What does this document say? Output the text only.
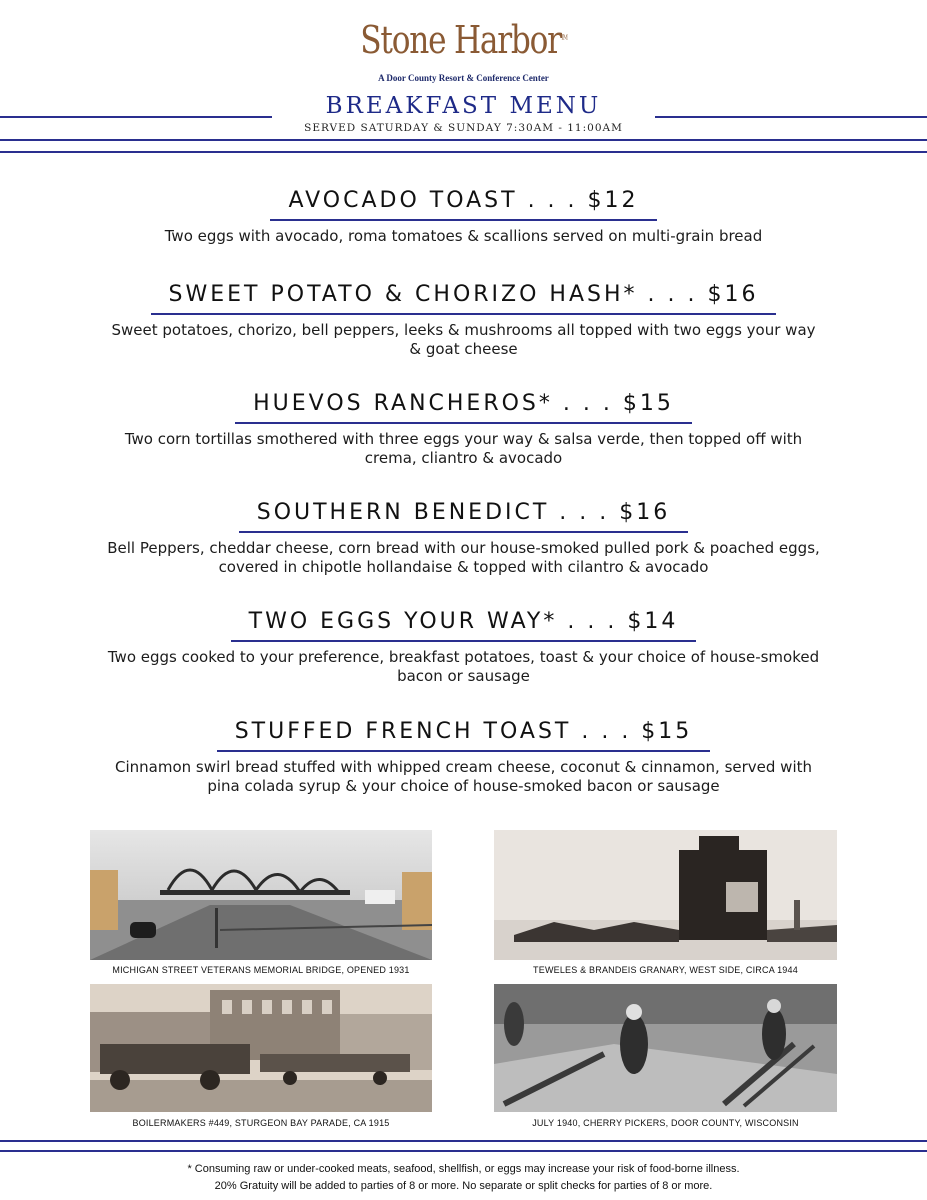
Stone Harbor™
A Door County Resort & Conference Center
BREAKFAST MENU
SERVED SATURDAY & SUNDAY 7:30AM - 11:00AM
AVOCADO TOAST . . . $12
Two eggs with avocado, roma tomatoes & scallions served on multi-grain bread
SWEET POTATO & CHORIZO HASH* . . . $16
Sweet potatoes, chorizo, bell peppers, leeks & mushrooms all topped with two eggs your way & goat cheese
HUEVOS RANCHEROS* . . . $15
Two corn tortillas smothered with three eggs your way & salsa verde, then topped off with crema, cliantro & avocado
SOUTHERN BENEDICT . . . $16
Bell Peppers, cheddar cheese, corn bread with our house-smoked pulled pork & poached eggs, covered in chipotle hollandaise & topped with cilantro & avocado
TWO EGGS YOUR WAY* . . . $14
Two eggs cooked to your preference, breakfast potatoes, toast & your choice of house-smoked bacon or sausage
STUFFED FRENCH TOAST . . . $15
Cinnamon swirl bread stuffed with whipped cream cheese, coconut & cinnamon, served with pina colada syrup & your choice of house-smoked bacon or sausage
MICHIGAN STREET VETERANS MEMORIAL BRIDGE, OPENED 1931	TEWELES & BRANDEIS GRANARY, WEST SIDE, CIRCA 1944
BOILERMAKERS #449, STURGEON BAY PARADE, CA 1915	JULY 1940, CHERRY PICKERS, DOOR COUNTY, WISCONSIN
* Consuming raw or under-cooked meats, seafood, shellfish, or eggs may increase your risk of food-borne illness.
20% Gratuity will be added to parties of 8 or more. No separate or split checks for parties of 8 or more.
